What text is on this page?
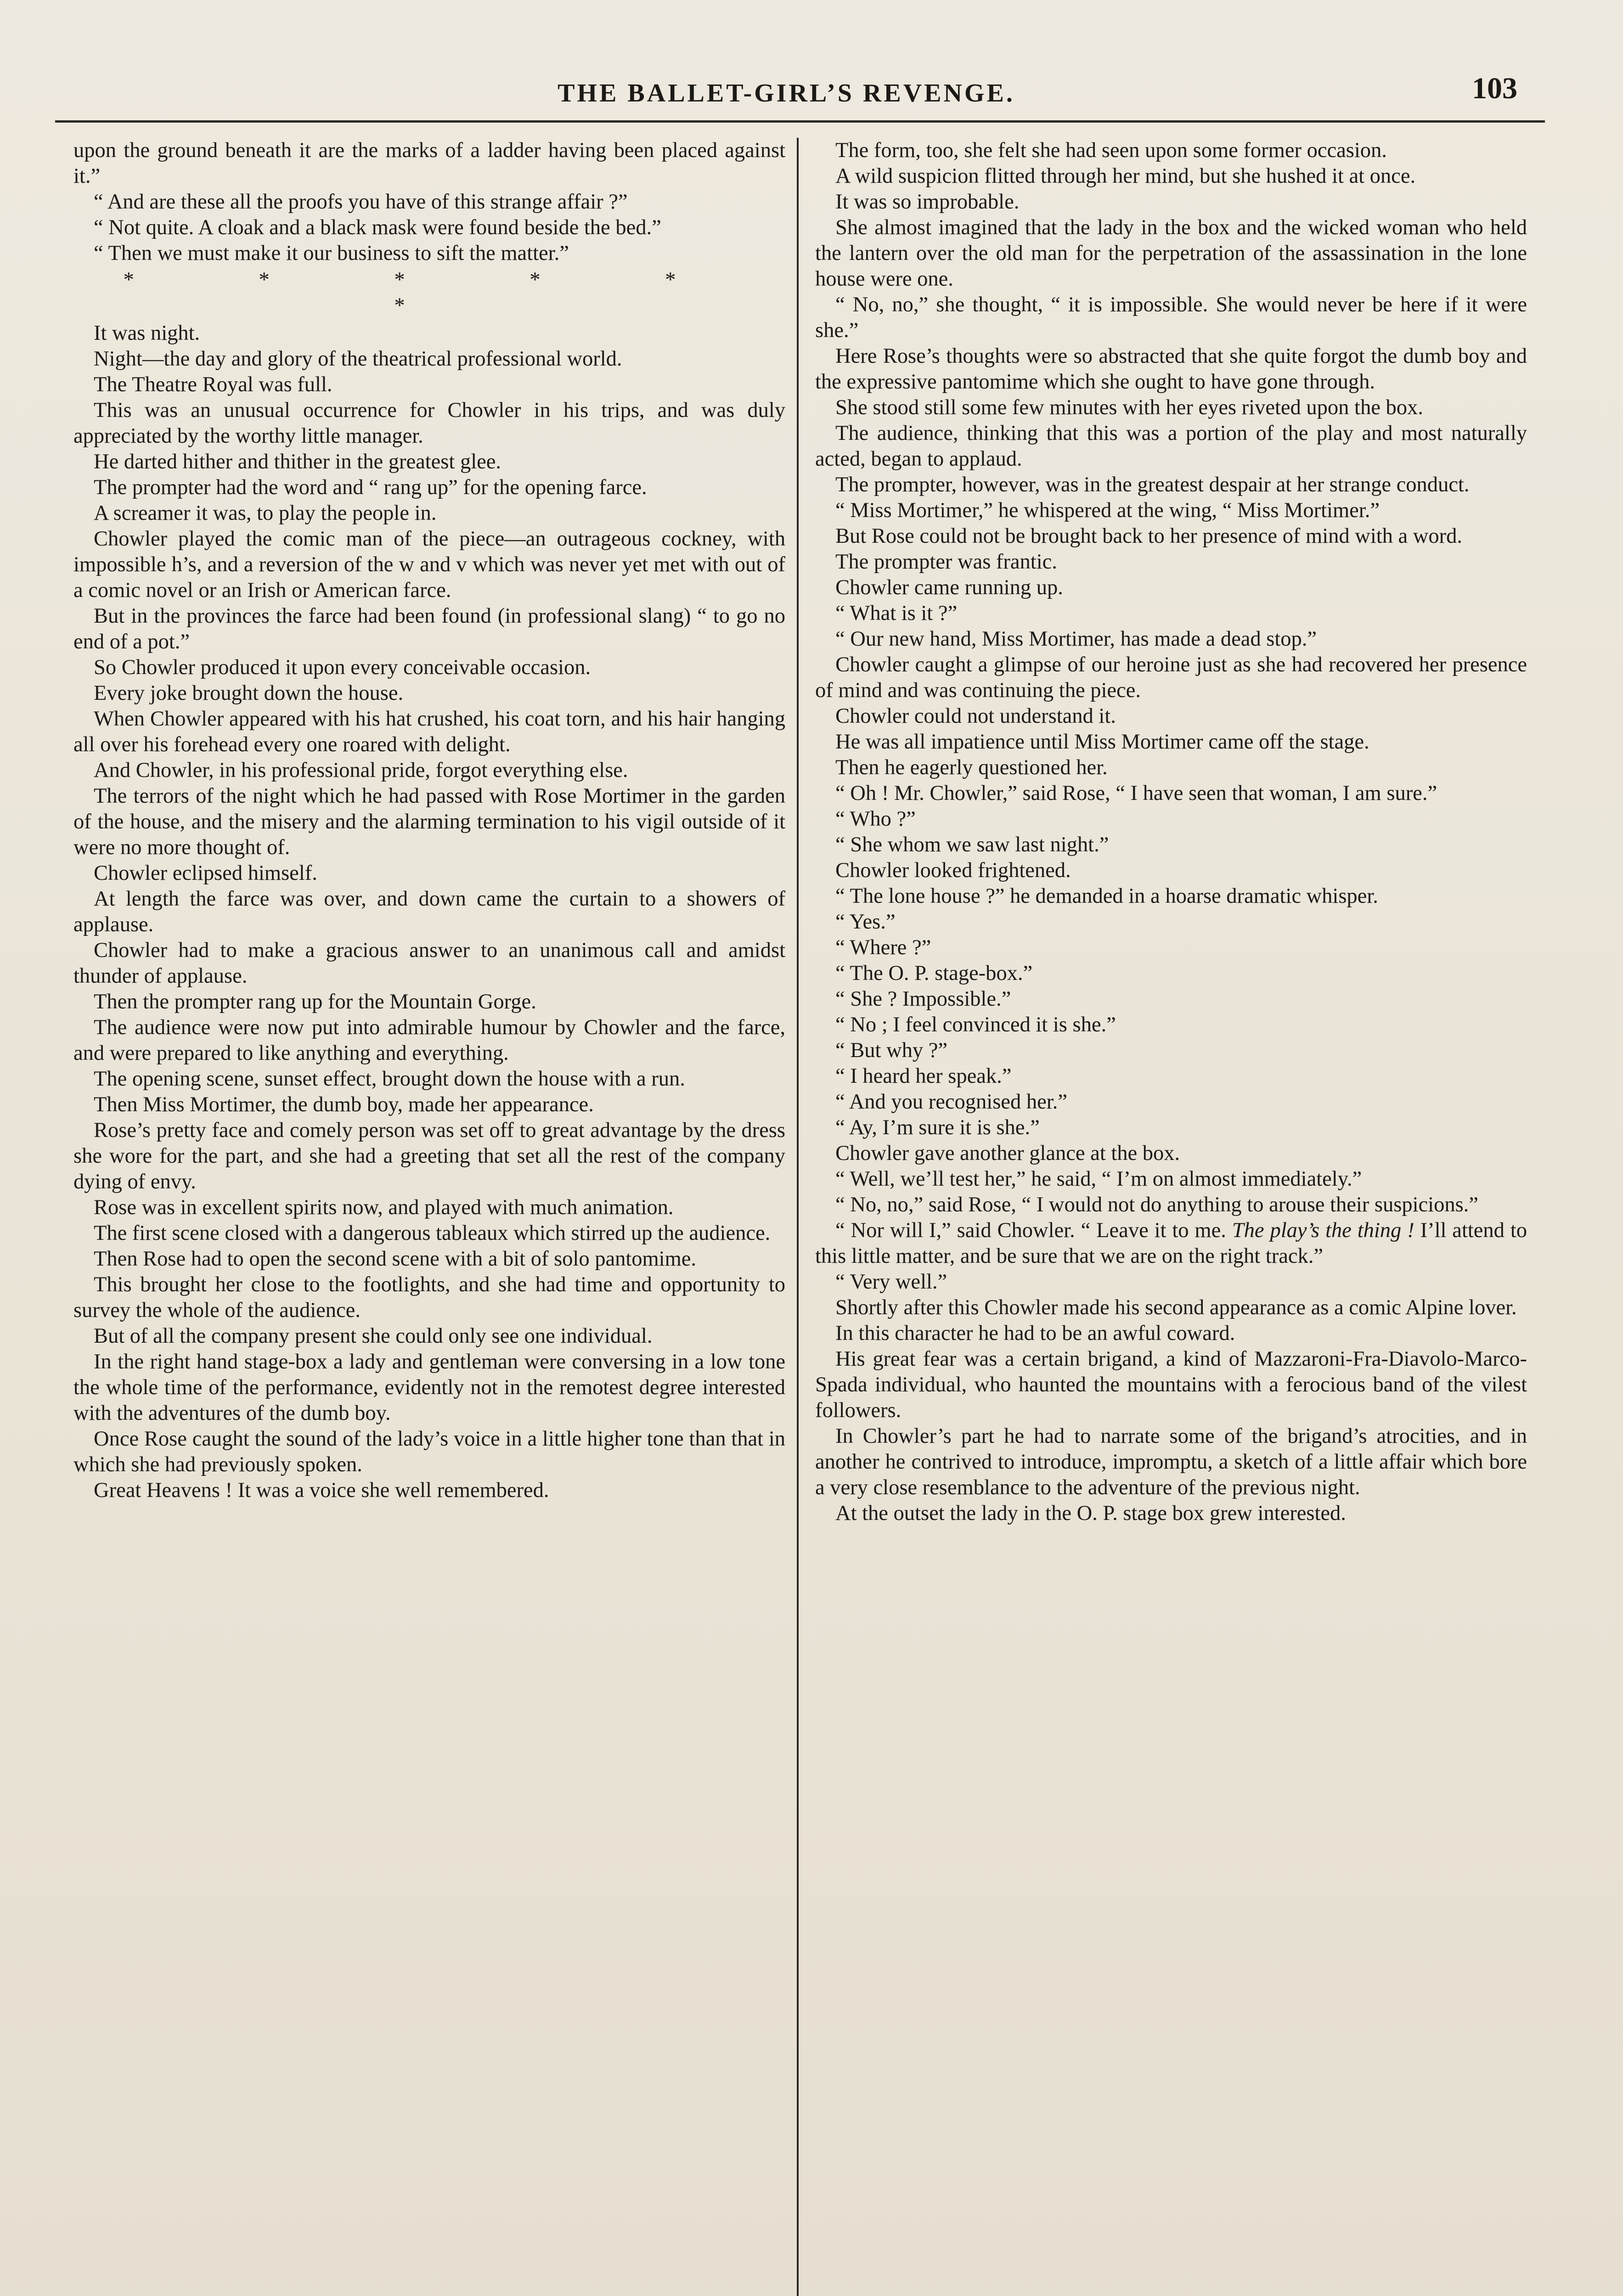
THE BALLET-GIRL’S REVENGE.	103

upon the ground beneath it are the marks of a ladder having been placed against it.”

“ And are these all the proofs you have of this strange affair ?”

“ Not quite. A cloak and a black mask were found beside the bed.”

“ Then we must make it our business to sift the matter.”

* * * * * *

It was night.

Night—the day and glory of the theatrical professional world.

The Theatre Royal was full.

This was an unusual occurrence for Chowler in his trips, and was duly appreciated by the worthy little manager.

He darted hither and thither in the greatest glee.

The prompter had the word and “ rang up” for the opening farce.

A screamer it was, to play the people in.

Chowler played the comic man of the piece—an outrageous cockney, with impossible h’s, and a reversion of the w and v which was never yet met with out of a comic novel or an Irish or American farce.

But in the provinces the farce had been found (in professional slang) “ to go no end of a pot.”

So Chowler produced it upon every conceivable occasion.

Every joke brought down the house.

When Chowler appeared with his hat crushed, his coat torn, and his hair hanging all over his forehead every one roared with delight.

And Chowler, in his professional pride, forgot everything else.

The terrors of the night which he had passed with Rose Mortimer in the garden of the house, and the misery and the alarming termination to his vigil outside of it were no more thought of.

Chowler eclipsed himself.

At length the farce was over, and down came the curtain to a showers of applause.

Chowler had to make a gracious answer to an unanimous call and amidst thunder of applause.

Then the prompter rang up for the Mountain Gorge.

The audience were now put into admirable humour by Chowler and the farce, and were prepared to like anything and everything.

The opening scene, sunset effect, brought down the house with a run.

Then Miss Mortimer, the dumb boy, made her appearance.

Rose’s pretty face and comely person was set off to great advantage by the dress she wore for the part, and she had a greeting that set all the rest of the company dying of envy.

Rose was in excellent spirits now, and played with much animation.

The first scene closed with a dangerous tableaux which stirred up the audience.

Then Rose had to open the second scene with a bit of solo pantomime.

This brought her close to the footlights, and she had time and opportunity to survey the whole of the audience.

But of all the company present she could only see one individual.

In the right hand stage-box a lady and gentleman were conversing in a low tone the whole time of the performance, evidently not in the remotest degree interested with the adventures of the dumb boy.

Once Rose caught the sound of the lady’s voice in a little higher tone than that in which she had previously spoken.

Great Heavens ! It was a voice she well remembered.

The form, too, she felt she had seen upon some former occasion.

A wild suspicion flitted through her mind, but she hushed it at once.

It was so improbable.

She almost imagined that the lady in the box and the wicked woman who held the lantern over the old man for the perpetration of the assassination in the lone house were one.

“ No, no,” she thought, “ it is impossible. She would never be here if it were she.”

Here Rose’s thoughts were so abstracted that she quite forgot the dumb boy and the expressive pantomime which she ought to have gone through.

She stood still some few minutes with her eyes riveted upon the box.

The audience, thinking that this was a portion of the play and most naturally acted, began to applaud.

The prompter, however, was in the greatest despair at her strange conduct.

“ Miss Mortimer,” he whispered at the wing, “ Miss Mortimer.”

But Rose could not be brought back to her presence of mind with a word.

The prompter was frantic.

Chowler came running up.

“ What is it ?”

“ Our new hand, Miss Mortimer, has made a dead stop.”

Chowler caught a glimpse of our heroine just as she had recovered her presence of mind and was continuing the piece.

Chowler could not understand it.

He was all impatience until Miss Mortimer came off the stage.

Then he eagerly questioned her.

“ Oh ! Mr. Chowler,” said Rose, “ I have seen that woman, I am sure.”

“ Who ?”

“ She whom we saw last night.”

Chowler looked frightened.

“ The lone house ?” he demanded in a hoarse dramatic whisper.

“ Yes.”

“ Where ?”

“ The O. P. stage-box.”

“ She ? Impossible.”

“ No ; I feel convinced it is she.”

“ But why ?”

“ I heard her speak.”

“ And you recognised her.”

“ Ay, I’m sure it is she.”

Chowler gave another glance at the box.

“ Well, we’ll test her,” he said, “ I’m on almost immediately.”

“ No, no,” said Rose, “ I would not do anything to arouse their suspicions.”

“ Nor will I,” said Chowler. “ Leave it to me. The play’s the thing ! I’ll attend to this little matter, and be sure that we are on the right track.”

“ Very well.”

Shortly after this Chowler made his second appearance as a comic Alpine lover.

In this character he had to be an awful coward.

His great fear was a certain brigand, a kind of Mazzaroni-Fra-Diavolo-Marco-Spada individual, who haunted the mountains with a ferocious band of the vilest followers.

In Chowler’s part he had to narrate some of the brigand’s atrocities, and in another he contrived to introduce, impromptu, a sketch of a little affair which bore a very close resemblance to the adventure of the previous night.

At the outset the lady in the O. P. stage box grew interested.
